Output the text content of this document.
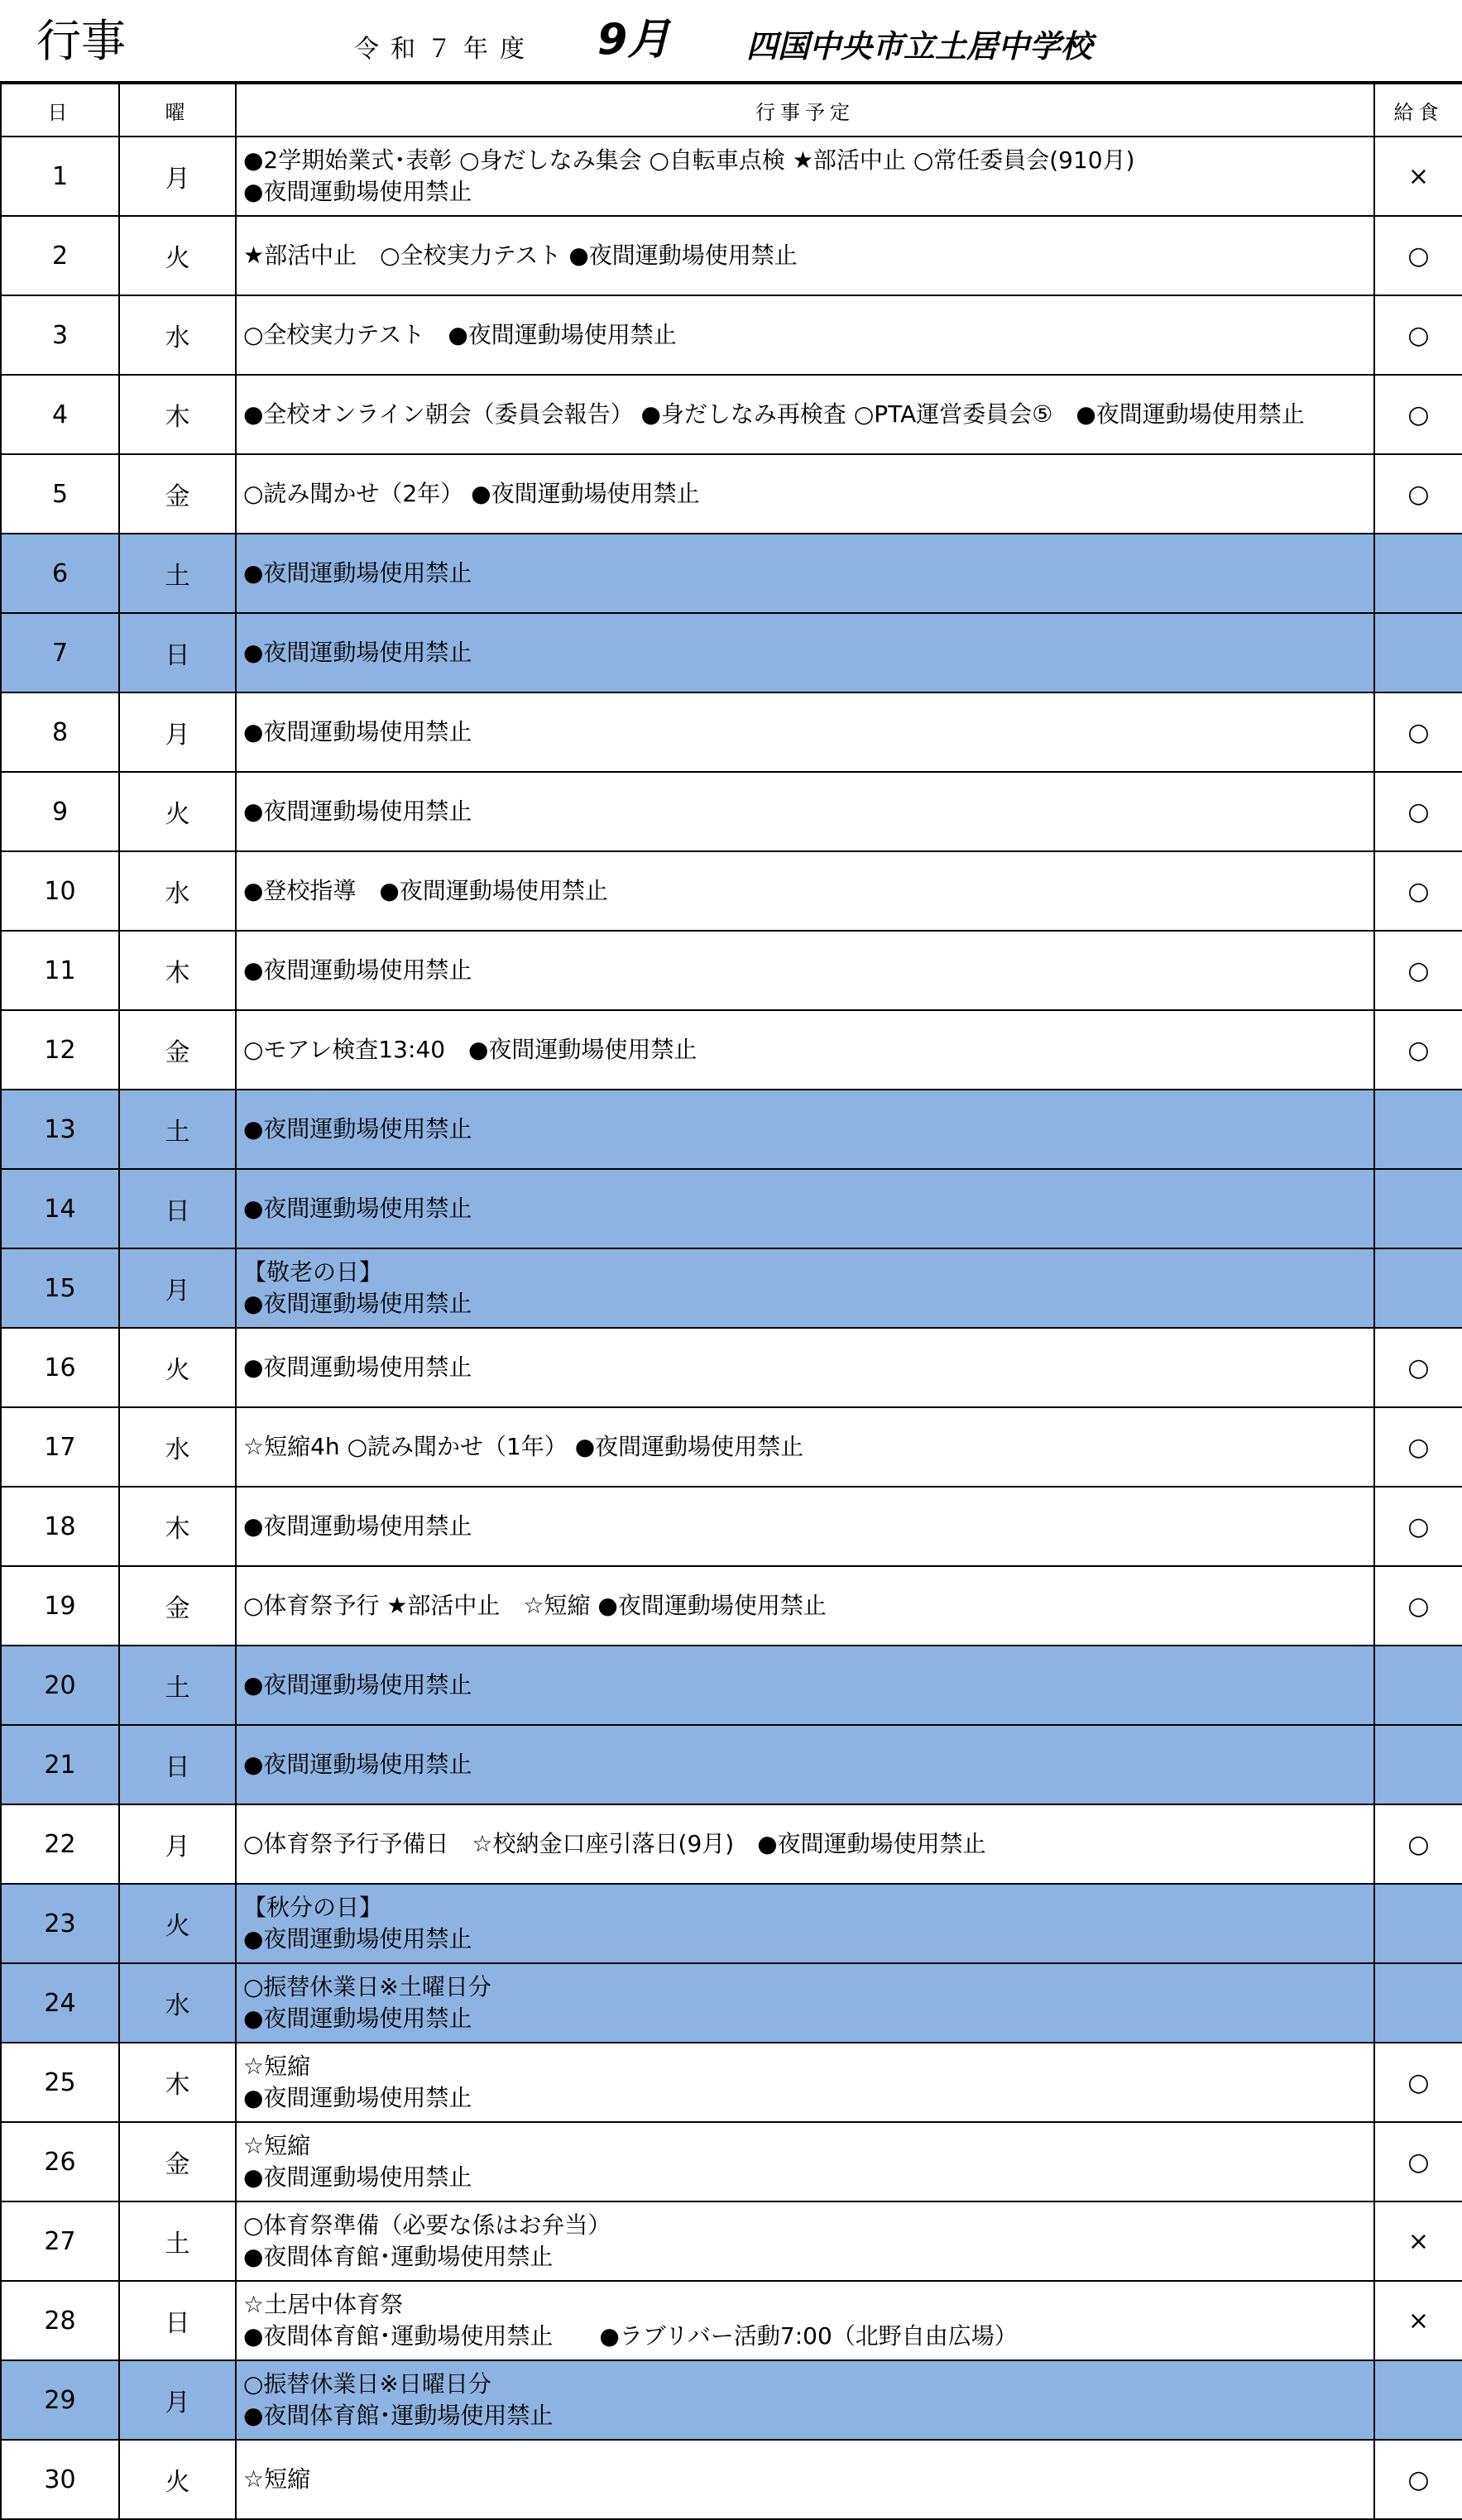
行事	令和７年度 9月 四国中央市立土居中学校
日	曜	行事予定	給食
1	月	●2学期始業式･表彰 ○身だしなみ集会 ○自転車点検 ★部活中止 ○常任委員会(910月)
●夜間運動場使用禁止	×
2	火	★部活中止　○全校実力テスト ●夜間運動場使用禁止	○
3	水	○全校実力テスト　●夜間運動場使用禁止	○
4	木	●全校オンライン朝会（委員会報告） ●身だしなみ再検査 ○PTA運営委員会⑤　●夜間運動場使用禁止	○
5	金	○読み聞かせ（2年） ●夜間運動場使用禁止	○
6	土	●夜間運動場使用禁止	

7	日	●夜間運動場使用禁止	

8	月	●夜間運動場使用禁止	○
9	火	●夜間運動場使用禁止	○
10	水	●登校指導　●夜間運動場使用禁止	○
11	木	●夜間運動場使用禁止	○
12	金	○モアレ検査13:40　●夜間運動場使用禁止	○
13	土	●夜間運動場使用禁止	

14	日	●夜間運動場使用禁止	

15	月	【敬老の日】
●夜間運動場使用禁止	

16	火	●夜間運動場使用禁止	○
17	水	☆短縮4h ○読み聞かせ（1年） ●夜間運動場使用禁止	○
18	木	●夜間運動場使用禁止	○
19	金	○体育祭予行 ★部活中止　☆短縮 ●夜間運動場使用禁止	○
20	土	●夜間運動場使用禁止	

21	日	●夜間運動場使用禁止	

22	月	○体育祭予行予備日　☆校納金口座引落日(9月)　●夜間運動場使用禁止	○
23	火	【秋分の日】
●夜間運動場使用禁止	

24	水	○振替休業日※土曜日分
●夜間運動場使用禁止	

25	木	☆短縮
●夜間運動場使用禁止	○
26	金	☆短縮
●夜間運動場使用禁止	○
27	土	○体育祭準備（必要な係はお弁当）
●夜間体育館･運動場使用禁止	×
28	日	☆土居中体育祭
●夜間体育館･運動場使用禁止　　●ラブリバー活動7:00（北野自由広場）	×
29	月	○振替休業日※日曜日分
●夜間体育館･運動場使用禁止	

30	火	☆短縮	○
